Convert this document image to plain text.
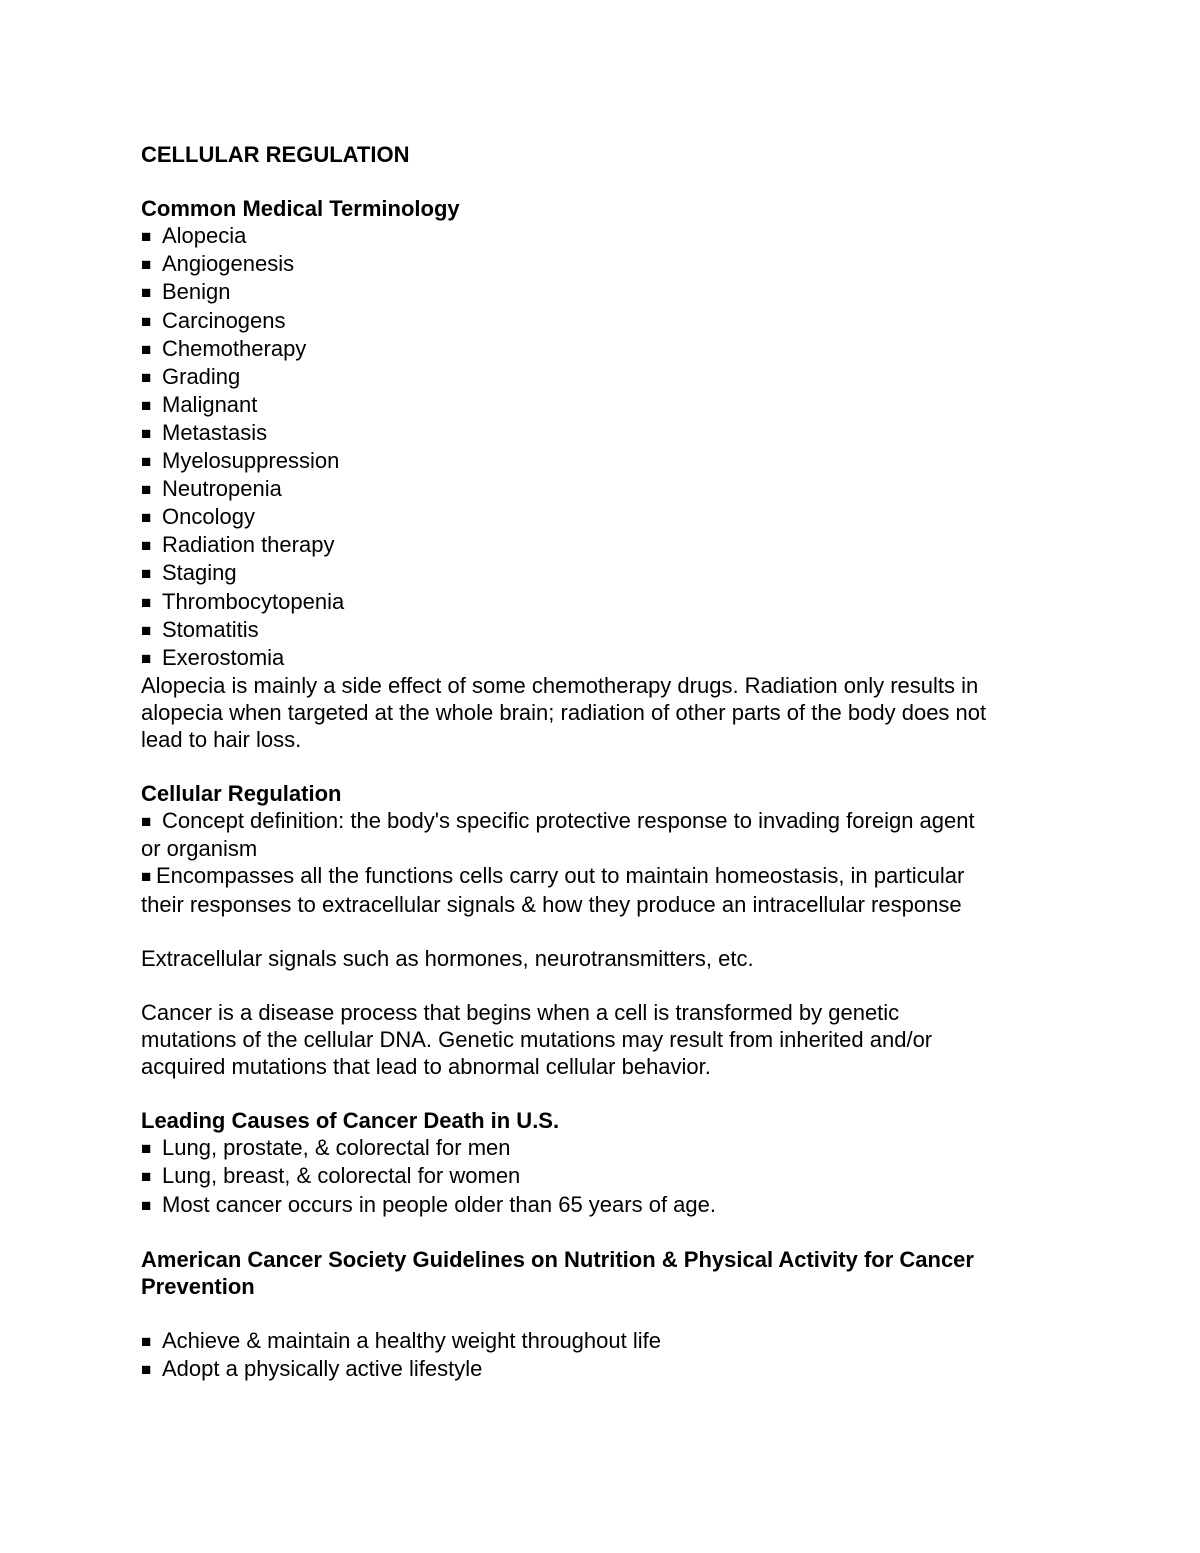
CELLULAR REGULATION
Common Medical Terminology
■ Alopecia
■ Angiogenesis
■ Benign
■ Carcinogens
■ Chemotherapy
■ Grading
■ Malignant
■ Metastasis
■ Myelosuppression
■ Neutropenia
■ Oncology
■ Radiation therapy
■ Staging
■ Thrombocytopenia
■ Stomatitis
■ Exerostomia
Alopecia is mainly a side effect of some chemotherapy drugs. Radiation only results in
alopecia when targeted at the whole brain; radiation of other parts of the body does not
lead to hair loss.
Cellular Regulation
■ Concept definition: the body's specific protective response to invading foreign agent
or organism
■ Encompasses all the functions cells carry out to maintain homeostasis, in particular
their responses to extracellular signals & how they produce an intracellular response
Extracellular signals such as hormones, neurotransmitters, etc.
Cancer is a disease process that begins when a cell is transformed by genetic
mutations of the cellular DNA. Genetic mutations may result from inherited and/or
acquired mutations that lead to abnormal cellular behavior.
Leading Causes of Cancer Death in U.S.
■ Lung, prostate, & colorectal for men
■ Lung, breast, & colorectal for women
■ Most cancer occurs in people older than 65 years of age.
American Cancer Society Guidelines on Nutrition & Physical Activity for Cancer
Prevention
■ Achieve & maintain a healthy weight throughout life
■ Adopt a physically active lifestyle
